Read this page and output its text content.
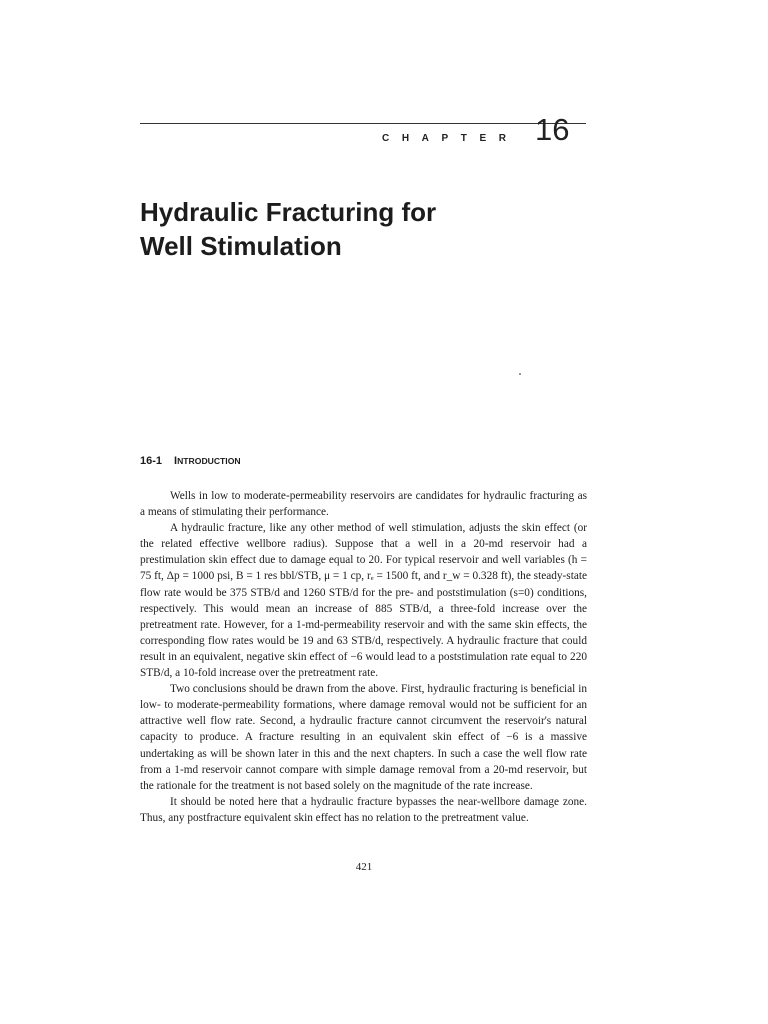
CHAPTER 16
Hydraulic Fracturing for
Well Stimulation
16-1 INTRODUCTION

Wells in low to moderate-permeability reservoirs are candidates for hydraulic fracturing as a means of stimulating their performance.

A hydraulic fracture, like any other method of well stimulation, adjusts the skin effect (or the related effective wellbore radius). Suppose that a well in a 20-md reservoir had a prestimulation skin effect due to damage equal to 20. For typical reservoir and well variables (h = 75 ft, Δp = 1000 psi, B = 1 res bbl/STB, μ = 1 cp, rₑ = 1500 ft, and r_w = 0.328 ft), the steady-state flow rate would be 375 STB/d and 1260 STB/d for the pre- and poststimulation (s=0) conditions, respectively. This would mean an increase of 885 STB/d, a three-fold increase over the pretreatment rate. However, for a 1-md-permeability reservoir and with the same skin effects, the corresponding flow rates would be 19 and 63 STB/d, respectively. A hydraulic fracture that could result in an equivalent, negative skin effect of −6 would lead to a poststimulation rate equal to 220 STB/d, a 10-fold increase over the pretreatment rate.

Two conclusions should be drawn from the above. First, hydraulic fracturing is beneficial in low- to moderate-permeability formations, where damage removal would not be sufficient for an attractive well flow rate. Second, a hydraulic fracture cannot circumvent the reservoir's natural capacity to produce. A fracture resulting in an equivalent skin effect of −6 is a massive undertaking as will be shown later in this and the next chapters. In such a case the well flow rate from a 1-md reservoir cannot compare with simple damage removal from a 20-md reservoir, but the rationale for the treatment is not based solely on the magnitude of the rate increase.

It should be noted here that a hydraulic fracture bypasses the near-wellbore damage zone. Thus, any postfracture equivalent skin effect has no relation to the pretreatment value.

421
